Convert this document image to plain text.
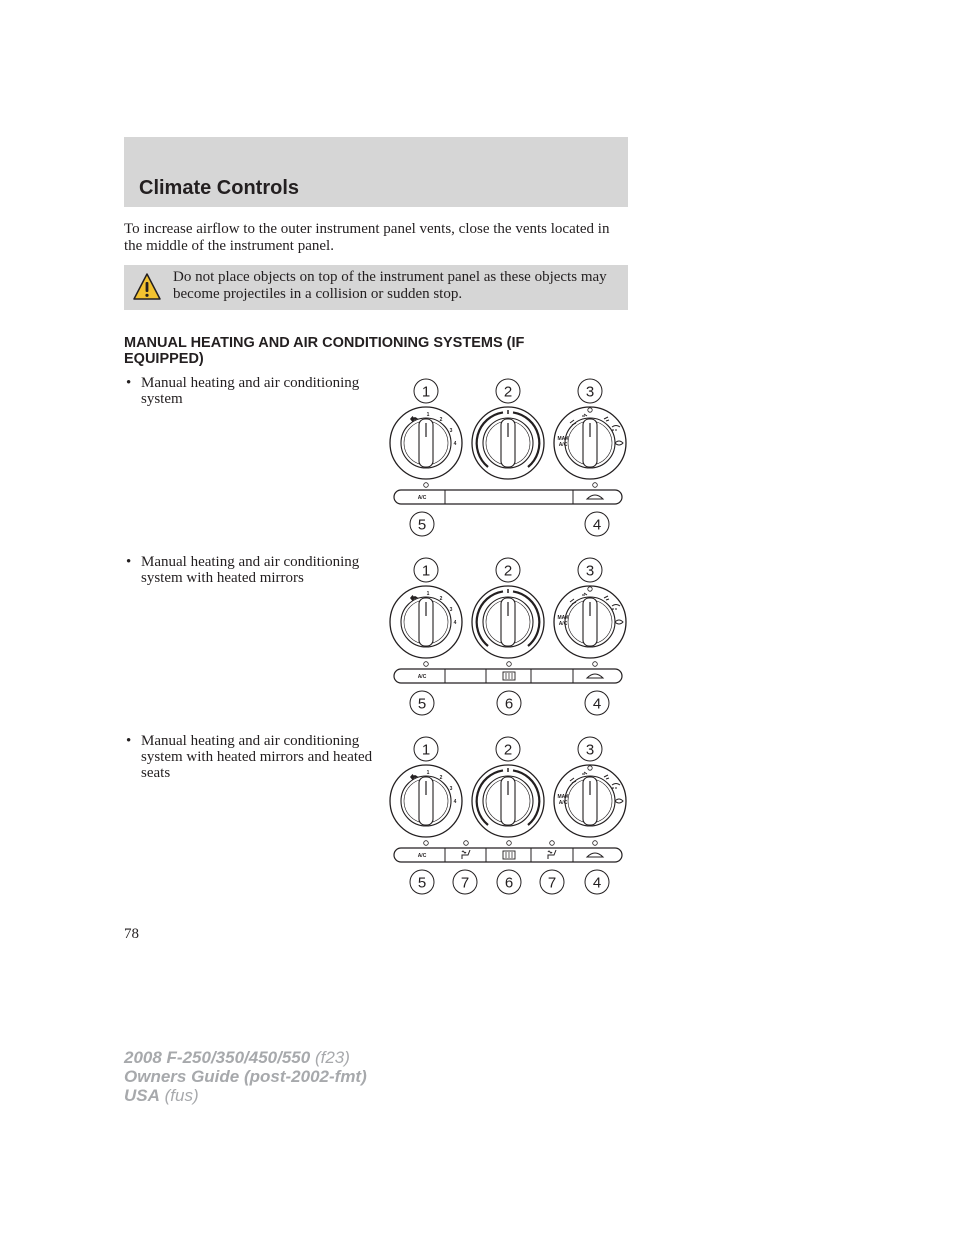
Climate Controls

To increase airflow to the outer instrument panel vents, close the vents located in the middle of the instrument panel.

Do not place objects on top of the instrument panel as these objects may become projectiles in a collision or sudden stop.

MANUAL HEATING AND AIR CONDITIONING SYSTEMS (IF EQUIPPED)

• Manual heating and air conditioning system

• Manual heating and air conditioning system with heated mirrors

• Manual heating and air conditioning system with heated mirrors and heated seats

1
2
3
4
MAX
A/C
A/C
1	2	3
5	4
1
2
3
4
MAX
A/C
A/C
1	2	3
5	6	4
1
2
3
4
MAX
A/C
A/C
1	2	3
5 7 6 7 4

78

2008 F-250/350/450/550 (f23)
Owners Guide (post-2002-fmt)
USA (fus)
